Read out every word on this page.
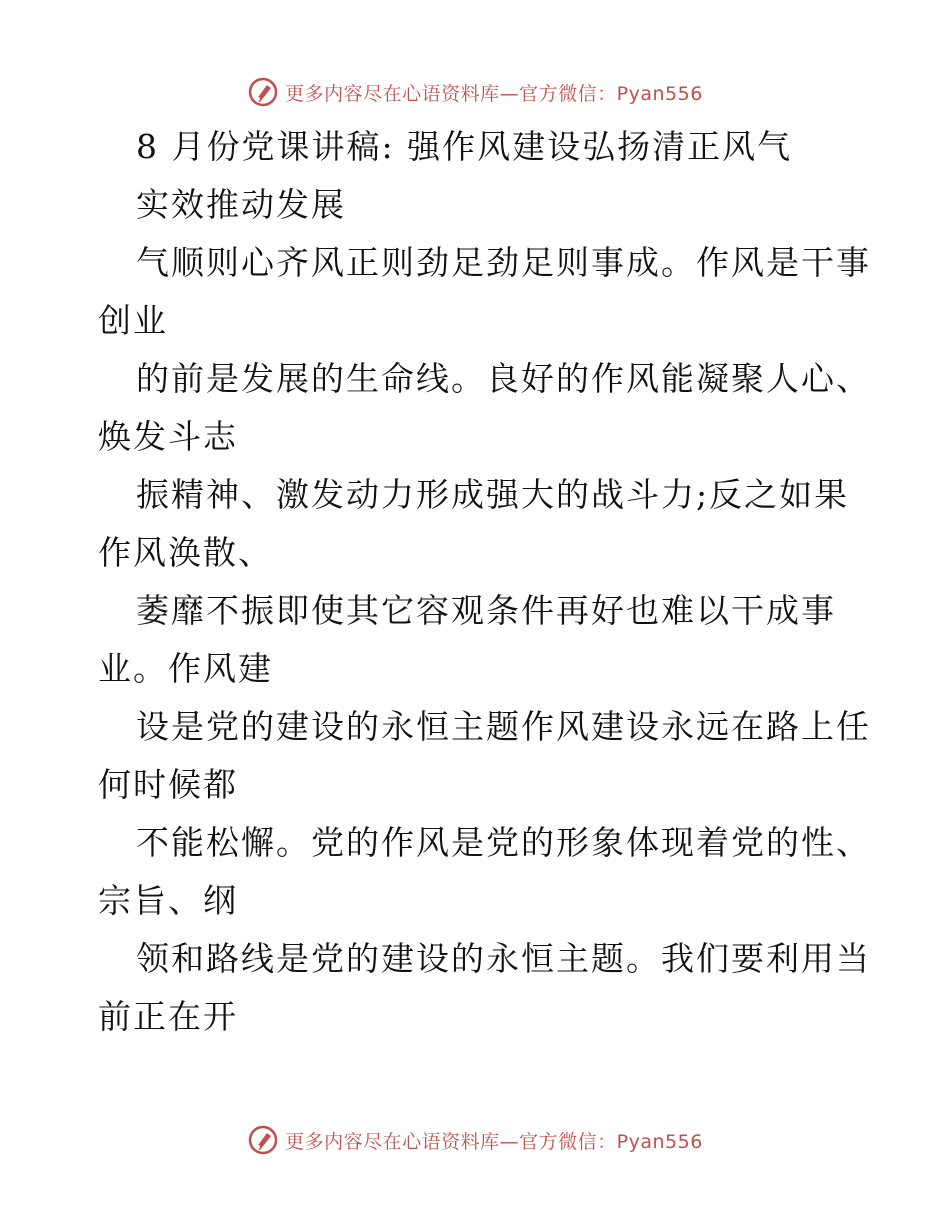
更多内容尽在心语资料库—官方微信：Pyan556
8 月份党课讲稿: 强作风建设弘扬清正风气
实效推动发展
气顺则心齐风正则劲足劲足则事成。作风是干事
创业
的前是发展的生命线。良好的作风能凝聚人心、
焕发斗志
振精神、激发动力形成强大的战斗力;反之如果
作风涣散、
萎靡不振即使其它容观条件再好也难以干成事
业。作风建
设是党的建设的永恒主题作风建设永远在路上任
何时候都
不能松懈。党的作风是党的形象体现着党的性、
宗旨、纲
领和路线是党的建设的永恒主题。我们要利用当
前正在开
更多内容尽在心语资料库—官方微信：Pyan556
